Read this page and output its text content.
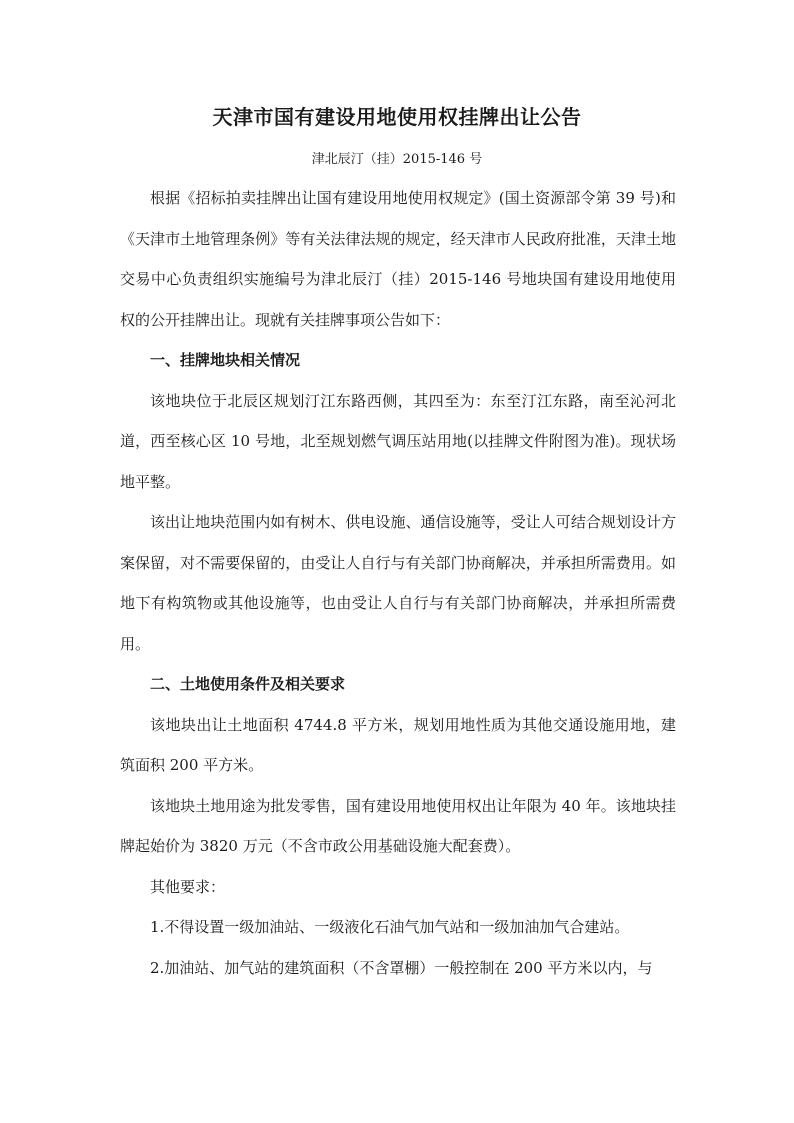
天津市国有建设用地使用权挂牌出让公告
津北辰汀（挂）2015-146 号

根据《招标拍卖挂牌出让国有建设用地使用权规定》(国土资源部令第 39 号)和《天津市土地管理条例》等有关法律法规的规定，经天津市人民政府批准，天津土地交易中心负责组织实施编号为津北辰汀（挂）2015-146 号地块国有建设用地使用权的公开挂牌出让。现就有关挂牌事项公告如下：

一、挂牌地块相关情况

该地块位于北辰区规划汀江东路西侧，其四至为：东至汀江东路，南至沁河北道，西至核心区 10 号地，北至规划燃气调压站用地(以挂牌文件附图为准)。现状场地平整。

该出让地块范围内如有树木、供电设施、通信设施等，受让人可结合规划设计方案保留，对不需要保留的，由受让人自行与有关部门协商解决，并承担所需费用。如地下有构筑物或其他设施等，也由受让人自行与有关部门协商解决，并承担所需费用。

二、土地使用条件及相关要求

该地块出让土地面积 4744.8 平方米，规划用地性质为其他交通设施用地，建筑面积 200 平方米。

该地块土地用途为批发零售，国有建设用地使用权出让年限为 40 年。该地块挂牌起始价为 3820 万元（不含市政公用基础设施大配套费）。

其他要求：

1.不得设置一级加油站、一级液化石油气加气站和一级加油加气合建站。

2.加油站、加气站的建筑面积（不含罩棚）一般控制在 200 平方米以内，与
